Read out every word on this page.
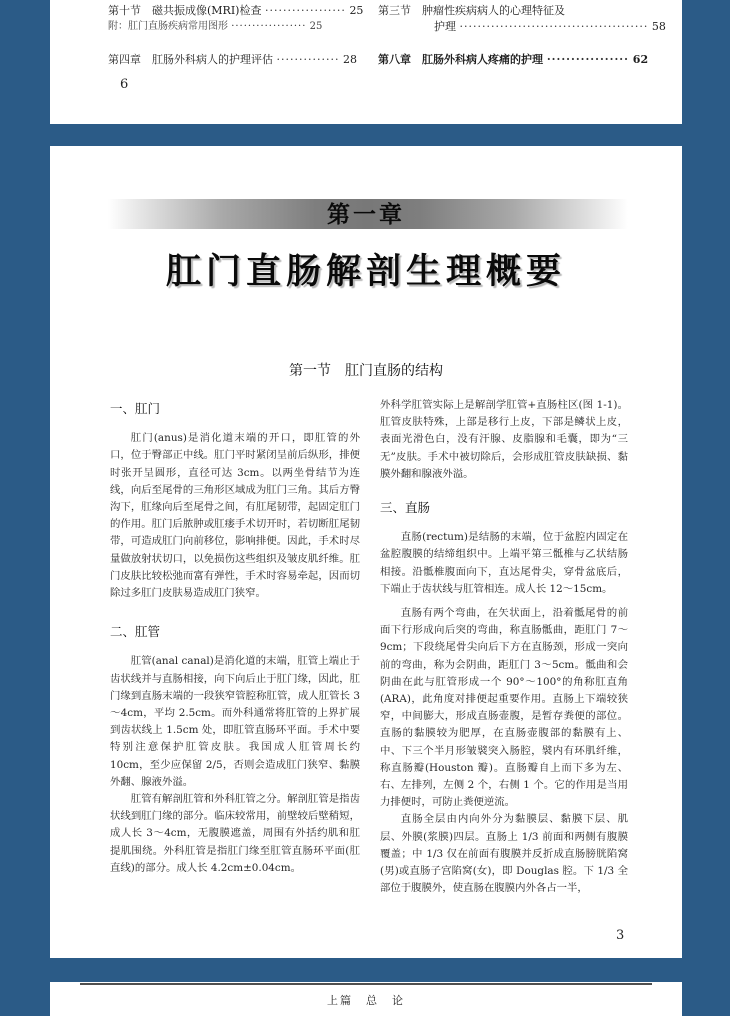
第十节　磁共振成像(MRI)检查 ·················· 25
附：肛门直肠疾病常用图形 ·················· 25
第三节　肿瘤性疾病病人的心理特征及
护理 ·········································· 58
第四章　肛肠外科病人的护理评估 ·············· 28 第八章　肛肠外科病人疼痛的护理 ················· 62
6
第一章
肛门直肠解剖生理概要
第一节　肛门直肠的结构
一、肛门

肛门(anus)是消化道末端的开口，即肛管的外口，位于臀部正中线。肛门平时紧闭呈前后纵形，排便时张开呈圆形，直径可达 3cm。以两坐骨结节为连线，向后至尾骨的三角形区域成为肛门三角。其后方臀沟下，肛缘向后至尾骨之间，有肛尾韧带，起固定肛门的作用。肛门后脓肿或肛瘘手术切开时，若切断肛尾韧带，可造成肛门向前移位，影响排便。因此，手术时尽量做放射状切口，以免损伤这些组织及皱皮肌纤维。肛门皮肤比较松弛而富有弹性，手术时容易牵起，因而切除过多肛门皮肤易造成肛门狭窄。

二、肛管

肛管(anal canal)是消化道的末端，肛管上端止于齿状线并与直肠相接，向下向后止于肛门缘，因此，肛门缘到直肠末端的一段狭窄管腔称肛管，成人肛管长 3～4cm，平均 2.5cm。而外科通常将肛管的上界扩展到齿状线上 1.5cm 处，即肛管直肠环平面。手术中要特别注意保护肛管皮肤。我国成人肛管周长约 10cm，至少应保留 2/5，否则会造成肛门狭窄、黏膜外翻、腺液外溢。

肛管有解剖肛管和外科肛管之分。解剖肛管是指齿状线到肛门缘的部分。临床较常用，前壁较后壁稍短，成人长 3～4cm，无腹膜遮盖，周围有外括约肌和肛提肌围绕。外科肛管是指肛门缘至肛管直肠环平面(肛直线)的部分。成人长 4.2cm±0.04cm。

外科学肛管实际上是解剖学肛管+直肠柱区(图 1-1)。肛管皮肤特殊，上部是移行上皮，下部是鳞状上皮，表面光滑色白，没有汗腺、皮脂腺和毛囊，即为“三无”皮肤。手术中被切除后，会形成肛管皮肤缺损、黏膜外翻和腺液外溢。

三、直肠

直肠(rectum)是结肠的末端，位于盆腔内固定在盆腔腹膜的结缔组织中。上端平第三骶椎与乙状结肠相接。沿骶椎腹面向下，直达尾骨尖，穿骨盆底后，下端止于齿状线与肛管相连。成人长 12～15cm。

直肠有两个弯曲，在矢状面上，沿着骶尾骨的前面下行形成向后突的弯曲，称直肠骶曲，距肛门 7～9cm；下段绕尾骨尖向后下方在直肠颈，形成一突向前的弯曲，称为会阴曲，距肛门 3～5cm。骶曲和会阴曲在此与肛管形成一个 90°～100°的角称肛直角(ARA)，此角度对排便起重要作用。直肠上下端较狭窄，中间膨大，形成直肠壶腹，是暂存粪便的部位。直肠的黏膜较为肥厚，在直肠壶腹部的黏膜有上、中、下三个半月形皱襞突入肠腔，襞内有环肌纤维，称直肠瓣(Houston 瓣)。直肠瓣自上而下多为左、右、左排列，左侧 2 个，右侧 1 个。它的作用是当用力排便时，可防止粪便逆流。

直肠全层由内向外分为黏膜层、黏膜下层、肌层、外膜(浆膜)四层。直肠上 1/3 前面和两侧有腹膜覆盖；中 1/3 仅在前面有腹膜并反折成直肠膀胱陷窝(男)或直肠子宫陷窝(女)，即 Douglas 腔。下 1/3 全部位于腹膜外，使直肠在腹膜内外各占一半，

3
上篇　总　论
